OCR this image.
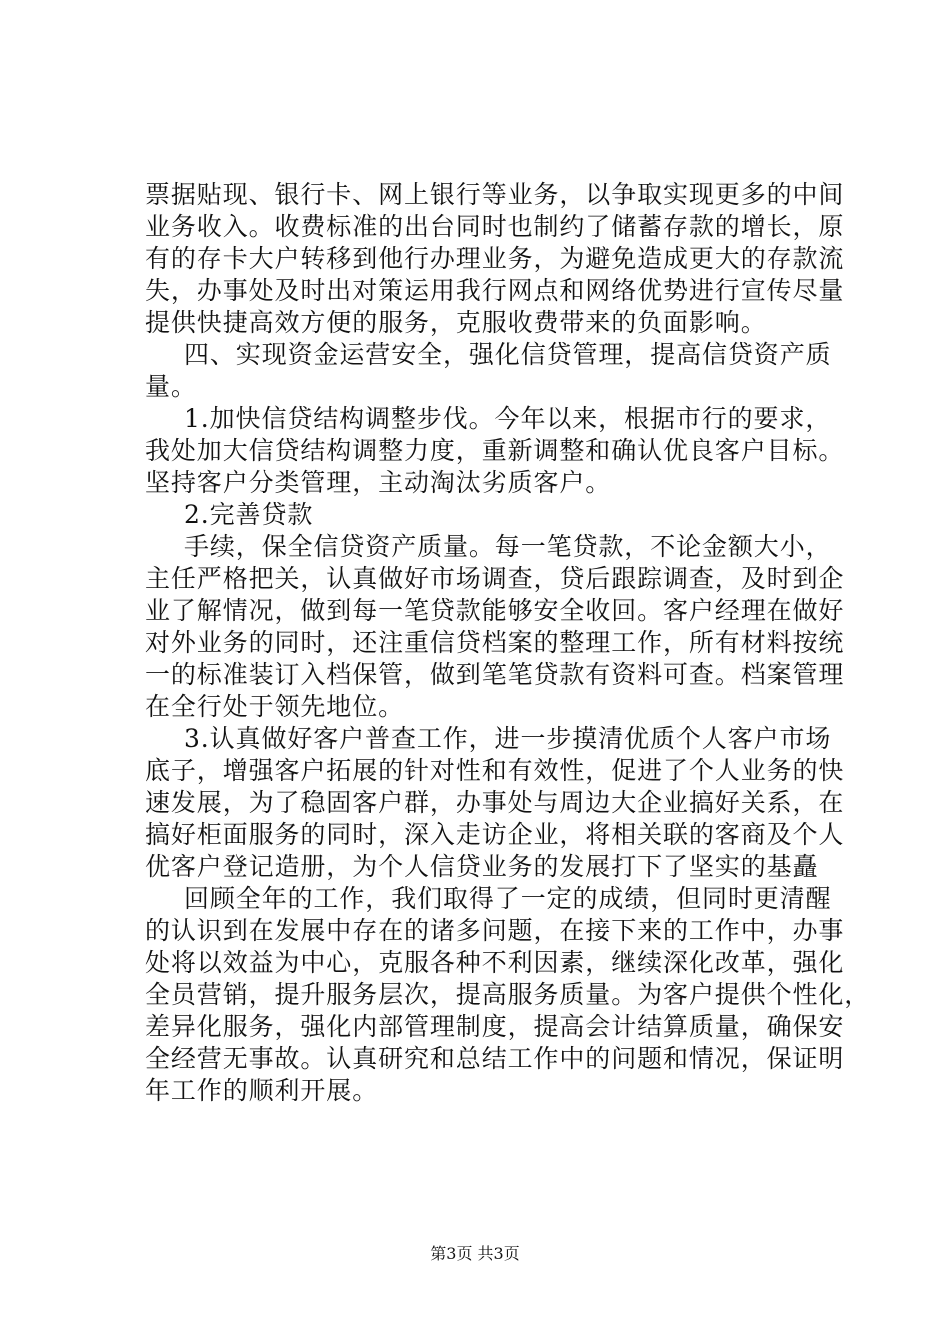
票据贴现、银行卡、网上银行等业务，以争取实现更多的中间
业务收入。收费标准的出台同时也制约了储蓄存款的增长，原
有的存卡大户转移到他行办理业务，为避免造成更大的存款流
失，办事处及时出对策运用我行网点和网络优势进行宣传尽量
提供快捷高效方便的服务，克服收费带来的负面影响。
四、实现资金运营安全，强化信贷管理，提高信贷资产质
量。
1.加快信贷结构调整步伐。今年以来，根据市行的要求，
我处加大信贷结构调整力度，重新调整和确认优良客户目标。
坚持客户分类管理，主动淘汰劣质客户。
2.完善贷款
手续，保全信贷资产质量。每一笔贷款，不论金额大小，
主任严格把关，认真做好市场调查，贷后跟踪调查，及时到企
业了解情况，做到每一笔贷款能够安全收回。客户经理在做好
对外业务的同时，还注重信贷档案的整理工作，所有材料按统
一的标准装订入档保管，做到笔笔贷款有资料可查。档案管理
在全行处于领先地位。
3.认真做好客户普查工作，进一步摸清优质个人客户市场
底子，增强客户拓展的针对性和有效性，促进了个人业务的快
速发展，为了稳固客户群，办事处与周边大企业搞好关系，在
搞好柜面服务的同时，深入走访企业，将相关联的客商及个人
优客户登记造册，为个人信贷业务的发展打下了坚实的基矗
回顾全年的工作，我们取得了一定的成绩，但同时更清醒
的认识到在发展中存在的诸多问题，在接下来的工作中，办事
处将以效益为中心，克服各种不利因素，继续深化改革，强化
全员营销，提升服务层次，提高服务质量。为客户提供个性化，
差异化服务，强化内部管理制度，提高会计结算质量，确保安
全经营无事故。认真研究和总结工作中的问题和情况，保证明
年工作的顺利开展。
第3页 共3页
